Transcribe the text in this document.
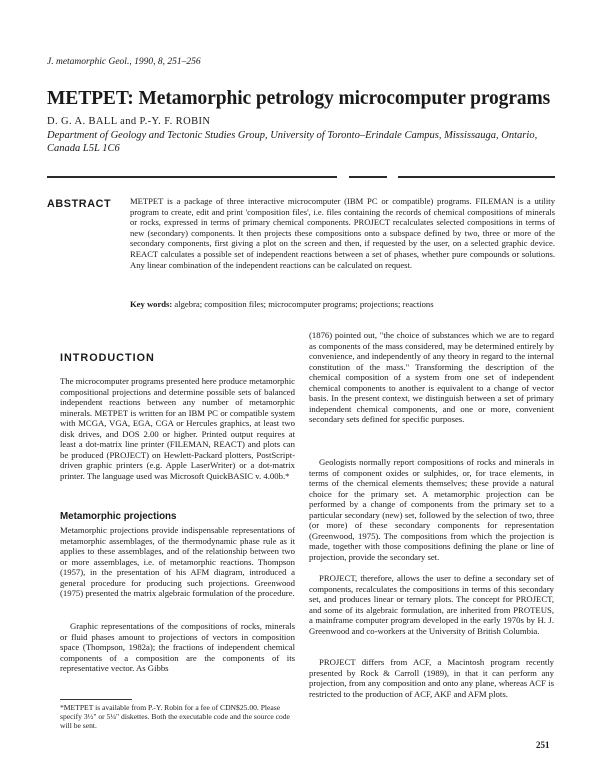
J. metamorphic Geol., 1990, 8, 251–256
METPET: Metamorphic petrology microcomputer programs
D. G. A. BALL and P.-Y. F. ROBIN
Department of Geology and Tectonic Studies Group, University of Toronto–Erindale Campus, Mississauga, Ontario, Canada L5L 1C6
ABSTRACT METPET is a package of three interactive microcomputer (IBM PC or compatible) programs. FILEMAN is a utility program to create, edit and print 'composition files', i.e. files containing the records of chemical compositions of minerals or rocks, expressed in terms of primary chemical components. PROJECT recalculates selected compositions in terms of new (secondary) components. It then projects these compositions onto a subspace defined by two, three or more of the secondary components, first giving a plot on the screen and then, if requested by the user, on a selected graphic device. REACT calculates a possible set of independent reactions between a set of phases, whether pure compounds or solutions. Any linear combination of the independent reactions can be calculated on request.
Key words: algebra; composition files; microcomputer programs; projections; reactions
INTRODUCTION
The microcomputer programs presented here produce metamorphic compositional projections and determine possible sets of balanced independent reactions between any number of metamorphic minerals. METPET is written for an IBM PC or compatible system with MCGA, VGA, EGA, CGA or Hercules graphics, at least two disk drives, and DOS 2.00 or higher. Printed output requires at least a dot-matrix line printer (FILEMAN, REACT) and plots can be produced (PROJECT) on Hewlett-Packard plotters, PostScript-driven graphic printers (e.g. Apple LaserWriter) or a dot-matrix printer. The language used was Microsoft QuickBASIC v. 4.00b.*
Metamorphic projections
Metamorphic projections provide indispensable representations of metamorphic assemblages, of the thermodynamic phase rule as it applies to these assemblages, and of the relationship between two or more assemblages, i.e. of metamorphic reactions. Thompson (1957), in the presentation of his AFM diagram, introduced a general procedure for producing such projections. Greenwood (1975) presented the matrix algebraic formulation of the procedure.
Graphic representations of the compositions of rocks, minerals or fluid phases amount to projections of vectors in composition space (Thompson, 1982a); the fractions of independent chemical components of a composition are the components of its representative vector. As Gibbs
(1876) pointed out, "the choice of substances which we are to regard as components of the mass considered, may be determined entirely by convenience, and independently of any theory in regard to the internal constitution of the mass." Transforming the description of the chemical composition of a system from one set of independent chemical components to another is equivalent to a change of vector basis. In the present context, we distinguish between a set of primary independent chemical components, and one or more, convenient secondary sets defined for specific purposes.
Geologists normally report compositions of rocks and minerals in terms of component oxides or sulphides, or, for trace elements, in terms of the chemical elements themselves; these provide a natural choice for the primary set. A metamorphic projection can be performed by a change of components from the primary set to a particular secondary (new) set, followed by the selection of two, three (or more) of these secondary components for representation (Greenwood, 1975). The compositions from which the projection is made, together with those compositions defining the plane or line of projection, provide the secondary set.
PROJECT, therefore, allows the user to define a secondary set of components, recalculates the compositions in terms of this secondary set, and produces linear or ternary plots. The concept for PROJECT, and some of its algebraic formulation, are inherited from PROTEUS, a mainframe computer program developed in the early 1970s by H. J. Greenwood and co-workers at the University of British Columbia.
PROJECT differs from ACF, a Macintosh program recently presented by Rock & Carroll (1989), in that it can perform any projection, from any composition and onto any plane, whereas ACF is restricted to the production of ACF, AKF and AFM plots.
*METPET is available from P.-Y. Robin for a fee of CDN$25.00. Please specify 3½" or 5¼" diskettes. Both the executable code and the source code will be sent.
251
